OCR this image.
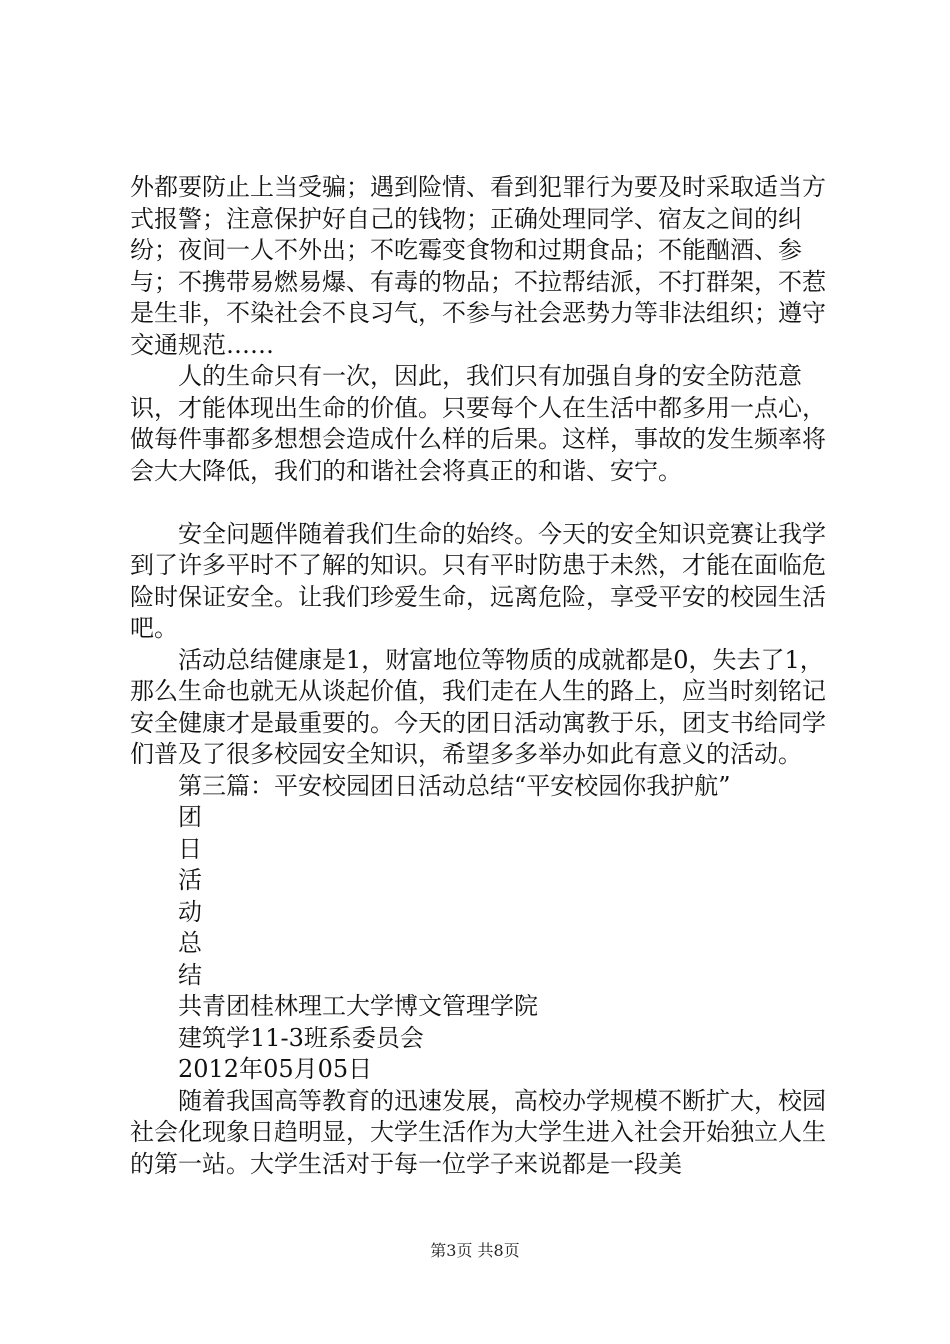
外都要防止上当受骗；遇到险情、看到犯罪行为要及时采取适当方式报警；注意保护好自己的钱物；正确处理同学、宿友之间的纠纷；夜间一人不外出；不吃霉变食物和过期食品；不能酗酒、参与；不携带易燃易爆、有毒的物品；不拉帮结派，不打群架，不惹是生非，不染社会不良习气，不参与社会恶势力等非法组织；遵守交通规范……

人的生命只有一次，因此，我们只有加强自身的安全防范意识，才能体现出生命的价值。只要每个人在生活中都多用一点心，做每件事都多想想会造成什么样的后果。这样，事故的发生频率将会大大降低，我们的和谐社会将真正的和谐、安宁。

安全问题伴随着我们生命的始终。今天的安全知识竞赛让我学到了许多平时不了解的知识。只有平时防患于未然，才能在面临危险时保证安全。让我们珍爱生命，远离危险，享受平安的校园生活吧。

活动总结健康是1，财富地位等物质的成就都是0，失去了1，那么生命也就无从谈起价值，我们走在人生的路上，应当时刻铭记安全健康才是最重要的。今天的团日活动寓教于乐，团支书给同学们普及了很多校园安全知识，希望多多举办如此有意义的活动。

第三篇：平安校园团日活动总结“平安校园你我护航”
团
日
活
动
总
结
共青团桂林理工大学博文管理学院
建筑学11-3班系委员会
2012年05月05日

随着我国高等教育的迅速发展，高校办学规模不断扩大，校园社会化现象日趋明显，大学生活作为大学生进入社会开始独立人生的第一站。大学生活对于每一位学子来说都是一段美

第3页 共8页
